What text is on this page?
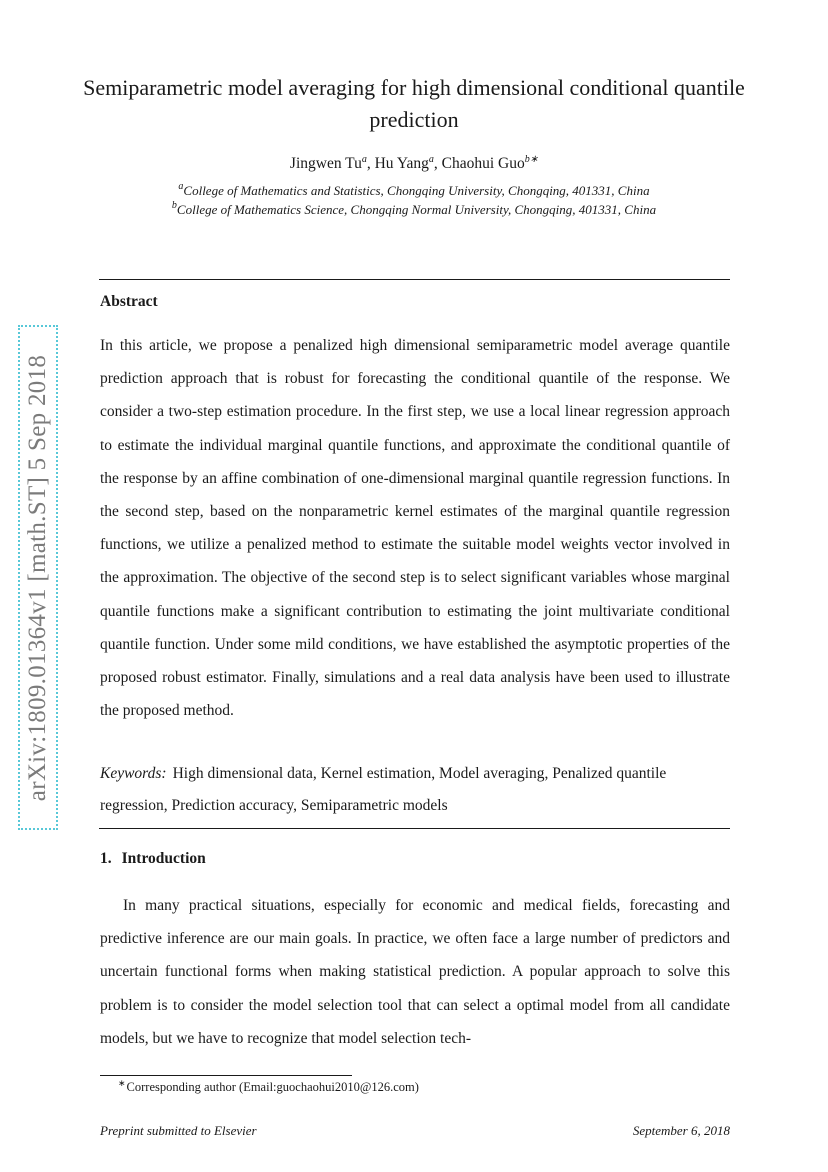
arXiv:1809.01364v1 [math.ST] 5 Sep 2018
Semiparametric model averaging for high dimensional conditional quantile prediction
Jingwen Tu$^a$, Hu Yang$^a$, Chaohui Guo$^{b∗}$
$^a$College of Mathematics and Statistics, Chongqing University, Chongqing, 401331, China
$^b$College of Mathematics Science, Chongqing Normal University, Chongqing, 401331, China
Abstract
In this article, we propose a penalized high dimensional semiparametric model average quantile prediction approach that is robust for forecasting the conditional quantile of the response. We consider a two-step estimation procedure. In the first step, we use a local linear regression approach to estimate the individual marginal quantile functions, and approximate the conditional quantile of the response by an affine combination of one-dimensional marginal quantile regression functions. In the second step, based on the nonparametric kernel estimates of the marginal quantile regression functions, we utilize a penalized method to estimate the suitable model weights vector involved in the approximation. The objective of the second step is to select significant variables whose marginal quantile functions make a significant contribution to estimating the joint multivariate conditional quantile function. Under some mild conditions, we have established the asymptotic properties of the proposed robust estimator. Finally, simulations and a real data analysis have been used to illustrate the proposed method.
Keywords: High dimensional data, Kernel estimation, Model averaging, Penalized quantile regression, Prediction accuracy, Semiparametric models
1. Introduction
In many practical situations, especially for economic and medical fields, forecasting and predictive inference are our main goals. In practice, we often face a large number of predictors and uncertain functional forms when making statistical prediction. A popular approach to solve this problem is to consider the model selection tool that can select a optimal model from all candidate models, but we have to recognize that model selection tech-
∗Corresponding author (Email:guochaohui2010@126.com)
Preprint submitted to Elsevier	September 6, 2018
